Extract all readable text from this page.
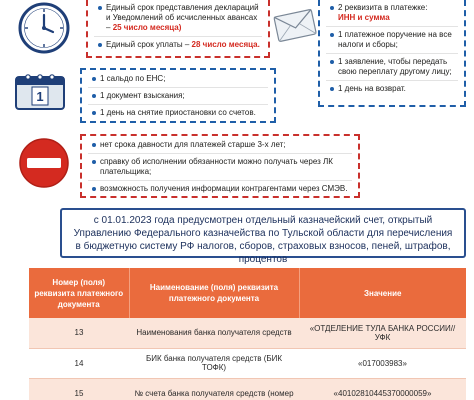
Единый срок представления деклараций и Уведомлений об исчисленных авансах – 25 число месяца)
Единый срок уплаты – 28 число месяца.
2 реквизита в платежке:
ИНН и сумма
1 платежное поручение на все налоги и сборы;
1 заявление, чтобы передать свою переплату другому лицу;
1 день на возврат.
1
1 сальдо по ЕНС;
1 документ взыскания;
1 день на снятие приостановки со счетов.
нет срока давности для платежей старше 3-х лет;
справку об исполнении обязанности можно получать через ЛК плательщика;
возможность получения информации контрагентами через СМЭВ.
с 01.01.2023 года предусмотрен отдельный казначейский счет, открытый Управлению Федерального казначейства по Тульской области для перечисления в бюджетную систему РФ налогов, сборов, страховых взносов, пеней, штрафов, процентов
Номер (поля) реквизита платежного документа	Наименование (поля) реквизита платежного документа	Значение
13	Наименования банка получателя средств	«ОТДЕЛЕНИЕ ТУЛА БАНКА РОССИИ//УФК
14	БИК банка получателя средств (БИК ТОФК)	«017003983»
15	№ счета банка получателя средств (номер	«40102810445370000059»
